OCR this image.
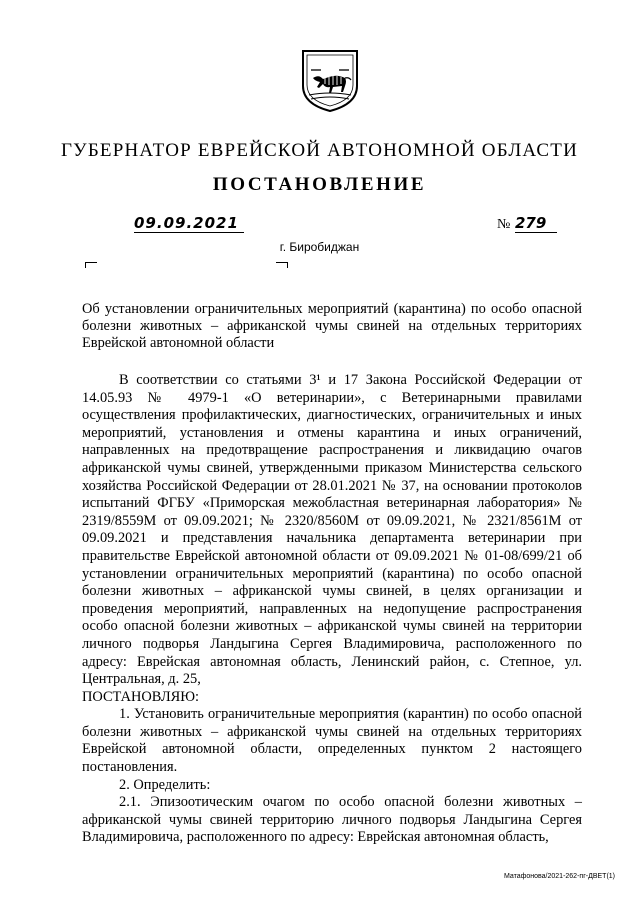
ГУБЕРНАТОР ЕВРЕЙСКОЙ АВТОНОМНОЙ ОБЛАСТИ
ПОСТАНОВЛЕНИЕ
09.09.2021	№ 279
г. Биробиджан

Об установлении ограничительных мероприятий (карантина) по особо опасной болезни животных – африканской чумы свиней на отдельных территориях Еврейской автономной области

В соответствии со статьями 3¹ и 17 Закона Российской Федерации от 14.05.93 № 4979-1 «О ветеринарии», с Ветеринарными правилами осуществления профилактических, диагностических, ограничительных и иных мероприятий, установления и отмены карантина и иных ограничений, направленных на предотвращение распространения и ликвидацию очагов африканской чумы свиней, утвержденными приказом Министерства сельского хозяйства Российской Федерации от 28.01.2021 № 37, на основании протоколов испытаний ФГБУ «Приморская межобластная ветеринарная лаборатория» № 2319/8559М от 09.09.2021; № 2320/8560М от 09.09.2021, № 2321/8561М от 09.09.2021 и представления начальника департамента ветеринарии при правительстве Еврейской автономной области от 09.09.2021 № 01-08/699/21 об установлении ограничительных мероприятий (карантина) по особо опасной болезни животных – африканской чумы свиней, в целях организации и проведения мероприятий, направленных на недопущение распространения особо опасной болезни животных – африканской чумы свиней на территории личного подворья Ландыгина Сергея Владимировича, расположенного по адресу: Еврейская автономная область, Ленинский район, с. Степное, ул. Центральная, д. 25,

ПОСТАНОВЛЯЮ:

1. Установить ограничительные мероприятия (карантин) по особо опасной болезни животных – африканской чумы свиней на отдельных территориях Еврейской автономной области, определенных пунктом 2 настоящего постановления.

2. Определить:

2.1. Эпизоотическим очагом по особо опасной болезни животных – африканской чумы свиней территорию личного подворья Ландыгина Сергея Владимировича, расположенного по адресу: Еврейская автономная область,

Матафонова/2021-262-пг-ДВЕТ(1)
